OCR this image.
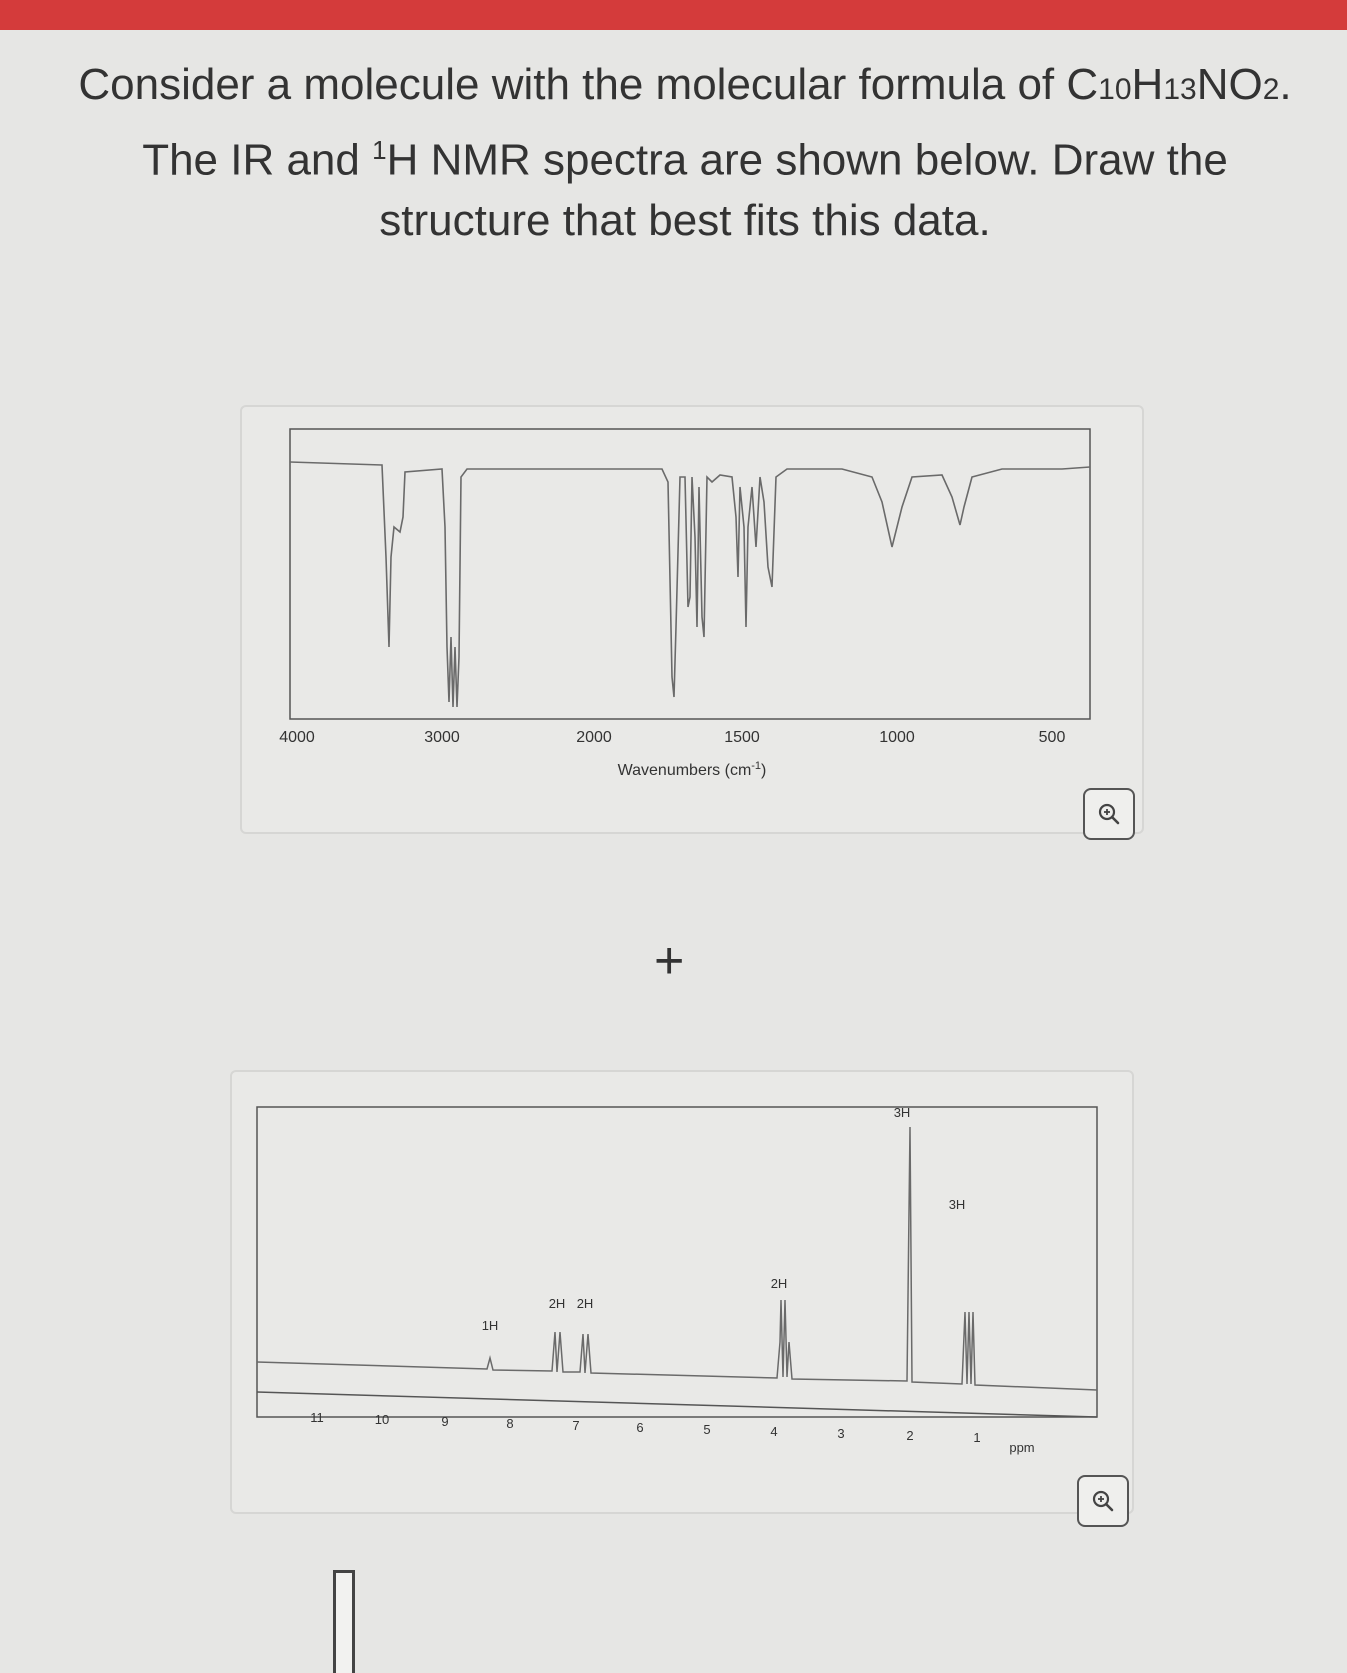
Consider a molecule with the molecular formula of C10H13NO2.

The IR and $^1$H NMR spectra are shown below. Draw the

structure that best fits this data.

4000	3000	2000	1500	1000	500
Wavenumbers $(cm^{-1})$
+
11	10	9	8	7	6	5	4	3	2	1
ppm
1H
2H 2H
2H
3H
3H
